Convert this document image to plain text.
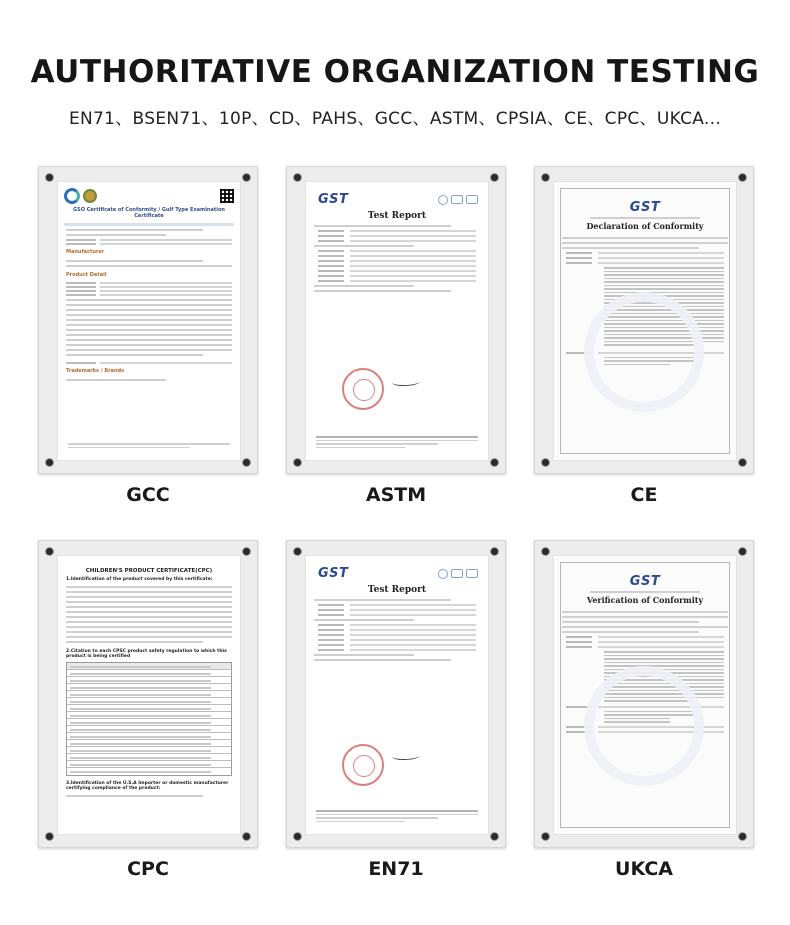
AUTHORITATIVE ORGANIZATION TESTING
EN71、BSEN71、10P、CD、PAHS、GCC、ASTM、CPSIA、CE、CPC、UKCA...
GSO Certificate of Conformity / Gulf Type Examination Certificate
Manufacturer
Product Detail
Trademarks / Brands
GCC
GST
Test Report
ASTM
GST
Declaration of Conformity
CE
CHILDREN'S PRODUCT CERTIFICATE(CPC)
1.Identification of the product covered by this certificate:
2.Citation to each CPSC product safety regulation to which this product is being certified
3.Identification of the U.S.A Importer or domestic manufacturer certifying compliance of the product:
CPC
GST
Test Report
EN71
GST
Verification of Conformity
UKCA
